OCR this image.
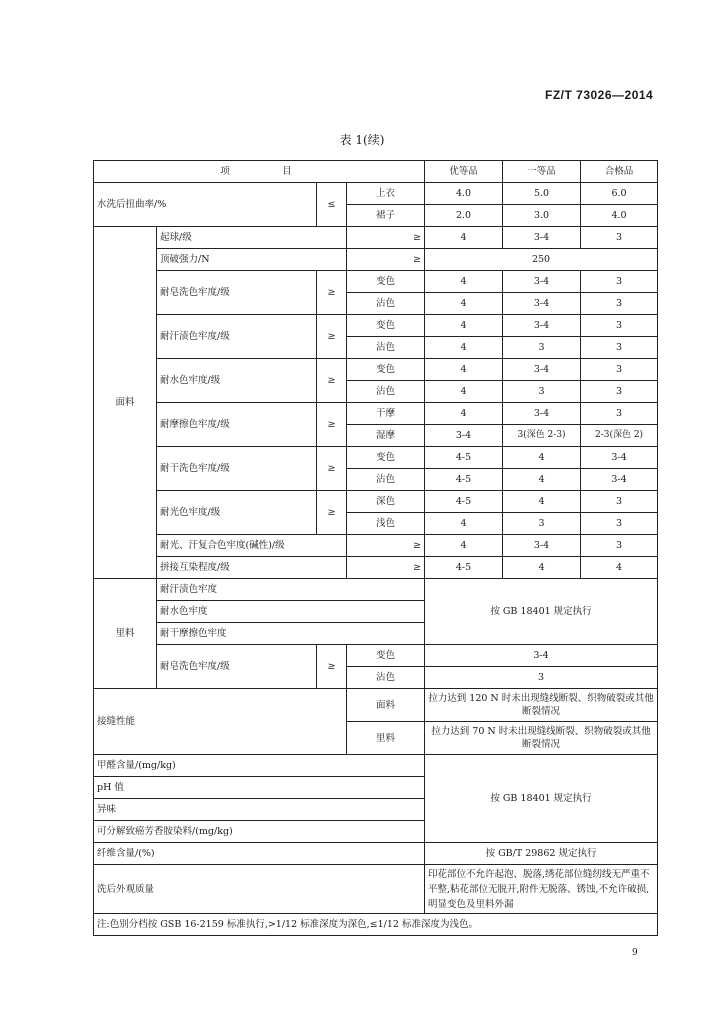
FZ/T 73026—2014
表 1(续)
项　　　目				优等品	一等品	合格品
水洗后扭曲率/%		≤	上衣	4.0	5.0	6.0
			裙子	2.0	3.0	4.0
面料	起球/级		≥	4	3-4	3
	顶破强力/N		≥	250		
	耐皂洗色牢度/级	≥	变色	4	3-4	3
			沾色	4	3-4	3
	耐汗渍色牢度/级	≥	变色	4	3-4	3
			沾色	4	3	3
	耐水色牢度/级	≥	变色	4	3-4	3
			沾色	4	3	3
	耐摩擦色牢度/级	≥	干摩	4	3-4	3
			湿摩	3-4	3(深色 2-3)	2-3(深色 2)
	耐干洗色牢度/级	≥	变色	4-5	4	3-4
			沾色	4-5	4	3-4
	耐光色牢度/级	≥	深色	4-5	4	3
			浅色	4	3	3
	耐光、汗复合色牢度(碱性)/级		≥	4	3-4	3
	拼接互染程度/级		≥	4-5	4	4
里料	耐汗渍色牢度			按 GB 18401 规定执行		
	耐水色牢度					
	耐干摩擦色牢度					
	耐皂洗色牢度/级	≥	变色	3-4		
			沾色	3		
接缝性能			面料	拉力达到 120 N 时未出现缝线断裂、织物破裂或其他断裂情况		
			里料	拉力达到 70 N 时未出现缝线断裂、织物破裂或其他断裂情况		
甲醛含量/(mg/kg)				按 GB 18401 规定执行		
pH 值						
异味						
可分解致癌芳香胺染料/(mg/kg)						
纤维含量/(%)				按 GB/T 29862 规定执行		
洗后外观质量				印花部位不允许起泡、脱落,绣花部位缝纫线无严重不平整,粘花部位无脱开,附件无脱落、锈蚀,不允许破损,明显变色及里料外漏		
注:色别分档按 GSB 16-2159 标准执行,>1/12 标准深度为深色,≤1/12 标准深度为浅色。						
9
